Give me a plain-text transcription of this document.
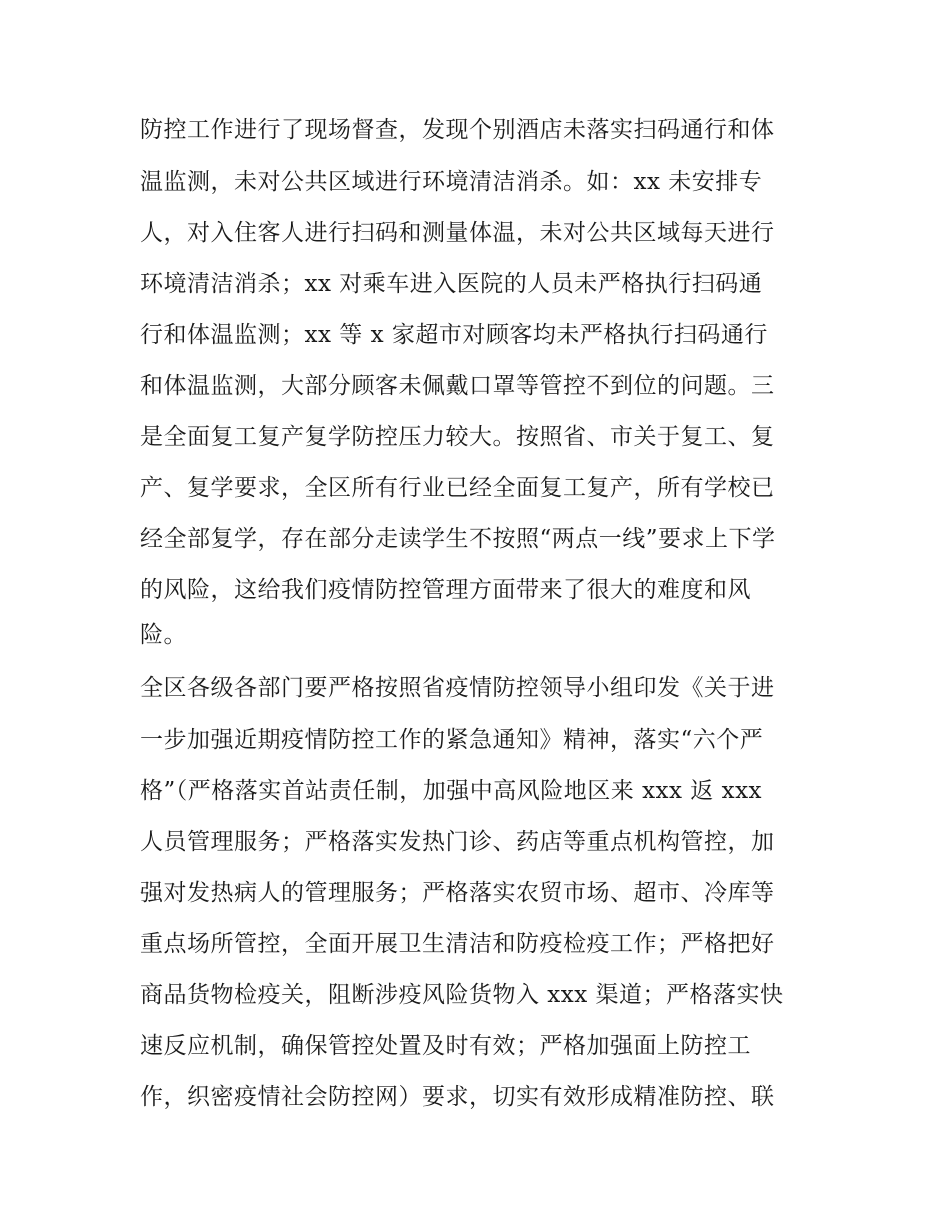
防控工作进行了现场督查，发现个别酒店未落实扫码通行和体
温监测，未对公共区域进行环境清洁消杀。如：xx 未安排专
人，对入住客人进行扫码和测量体温，未对公共区域每天进行
环境清洁消杀；xx 对乘车进入医院的人员未严格执行扫码通
行和体温监测；xx 等 x 家超市对顾客均未严格执行扫码通行
和体温监测，大部分顾客未佩戴口罩等管控不到位的问题。三
是全面复工复产复学防控压力较大。按照省、市关于复工、复
产、复学要求，全区所有行业已经全面复工复产，所有学校已
经全部复学，存在部分走读学生不按照“两点一线”要求上下学
的风险，这给我们疫情防控管理方面带来了很大的难度和风
险。
全区各级各部门要严格按照省疫情防控领导小组印发《关于进
一步加强近期疫情防控工作的紧急通知》精神，落实“六个严
格”（严格落实首站责任制，加强中高风险地区来 xxx 返 xxx
人员管理服务；严格落实发热门诊、药店等重点机构管控，加
强对发热病人的管理服务；严格落实农贸市场、超市、冷库等
重点场所管控，全面开展卫生清洁和防疫检疫工作；严格把好
商品货物检疫关，阻断涉疫风险货物入 xxx 渠道；严格落实快
速反应机制，确保管控处置及时有效；严格加强面上防控工
作，织密疫情社会防控网）要求，切实有效形成精准防控、联
